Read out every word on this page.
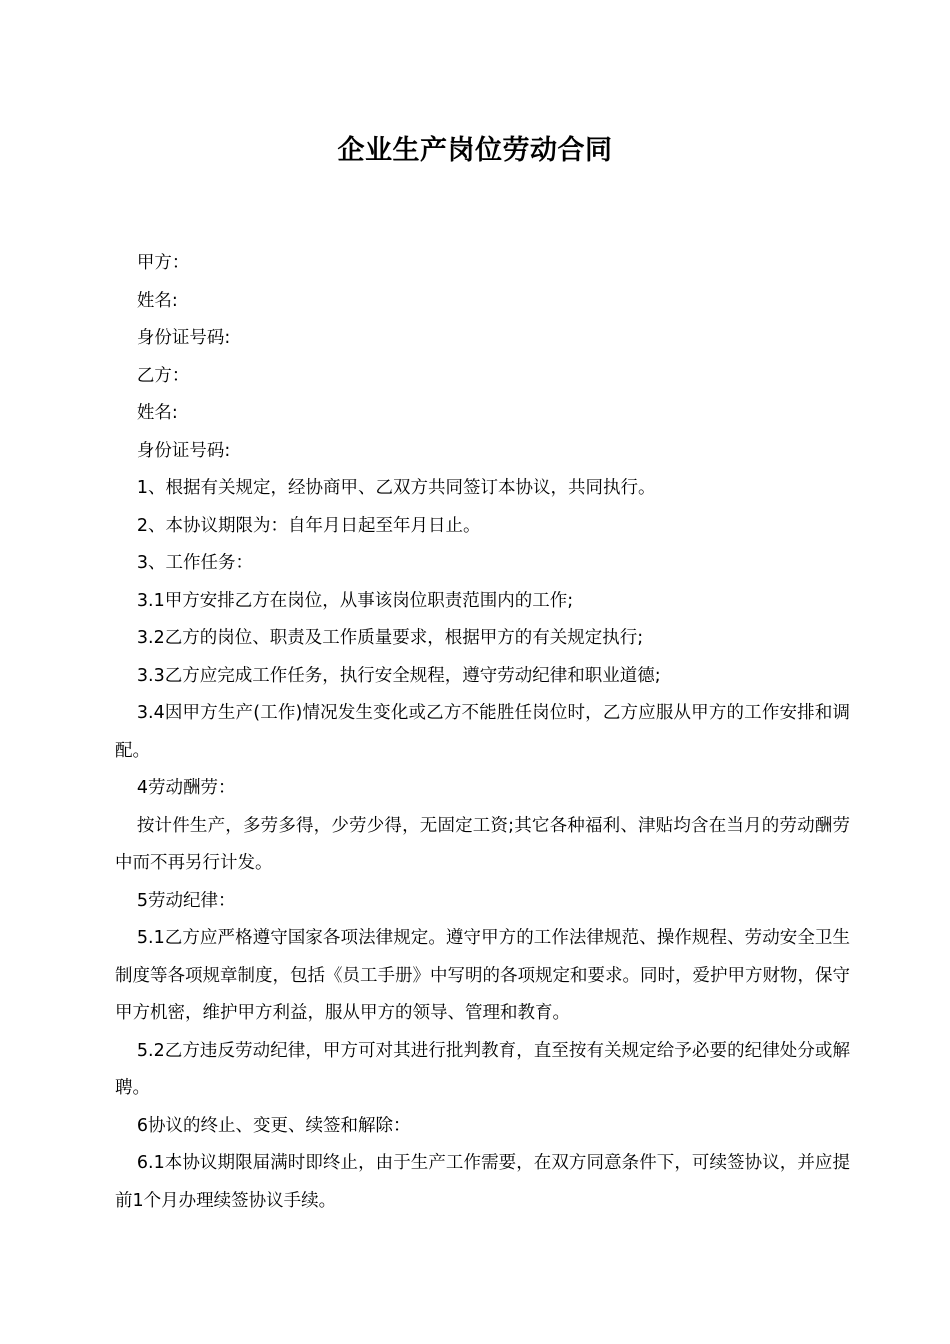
企业生产岗位劳动合同

甲方：

姓名:

身份证号码:

乙方：

姓名:

身份证号码:

1、根据有关规定，经协商甲、乙双方共同签订本协议，共同执行。

2、本协议期限为：自年月日起至年月日止。

3、工作任务：

3.1甲方安排乙方在岗位，从事该岗位职责范围内的工作;

3.2乙方的岗位、职责及工作质量要求，根据甲方的有关规定执行;

3.3乙方应完成工作任务，执行安全规程，遵守劳动纪律和职业道德;

3.4因甲方生产(工作)情况发生变化或乙方不能胜任岗位时，乙方应服从甲方的工作安排和调配。

4劳动酬劳：

按计件生产，多劳多得，少劳少得，无固定工资;其它各种福利、津贴均含在当月的劳动酬劳中而不再另行计发。

5劳动纪律：

5.1乙方应严格遵守国家各项法律规定。遵守甲方的工作法律规范、操作规程、劳动安全卫生制度等各项规章制度，包括《员工手册》中写明的各项规定和要求。同时，爱护甲方财物，保守甲方机密，维护甲方利益，服从甲方的领导、管理和教育。

5.2乙方违反劳动纪律，甲方可对其进行批判教育，直至按有关规定给予必要的纪律处分或解聘。

6协议的终止、变更、续签和解除：

6.1本协议期限届满时即终止，由于生产工作需要，在双方同意条件下，可续签协议，并应提前1个月办理续签协议手续。
